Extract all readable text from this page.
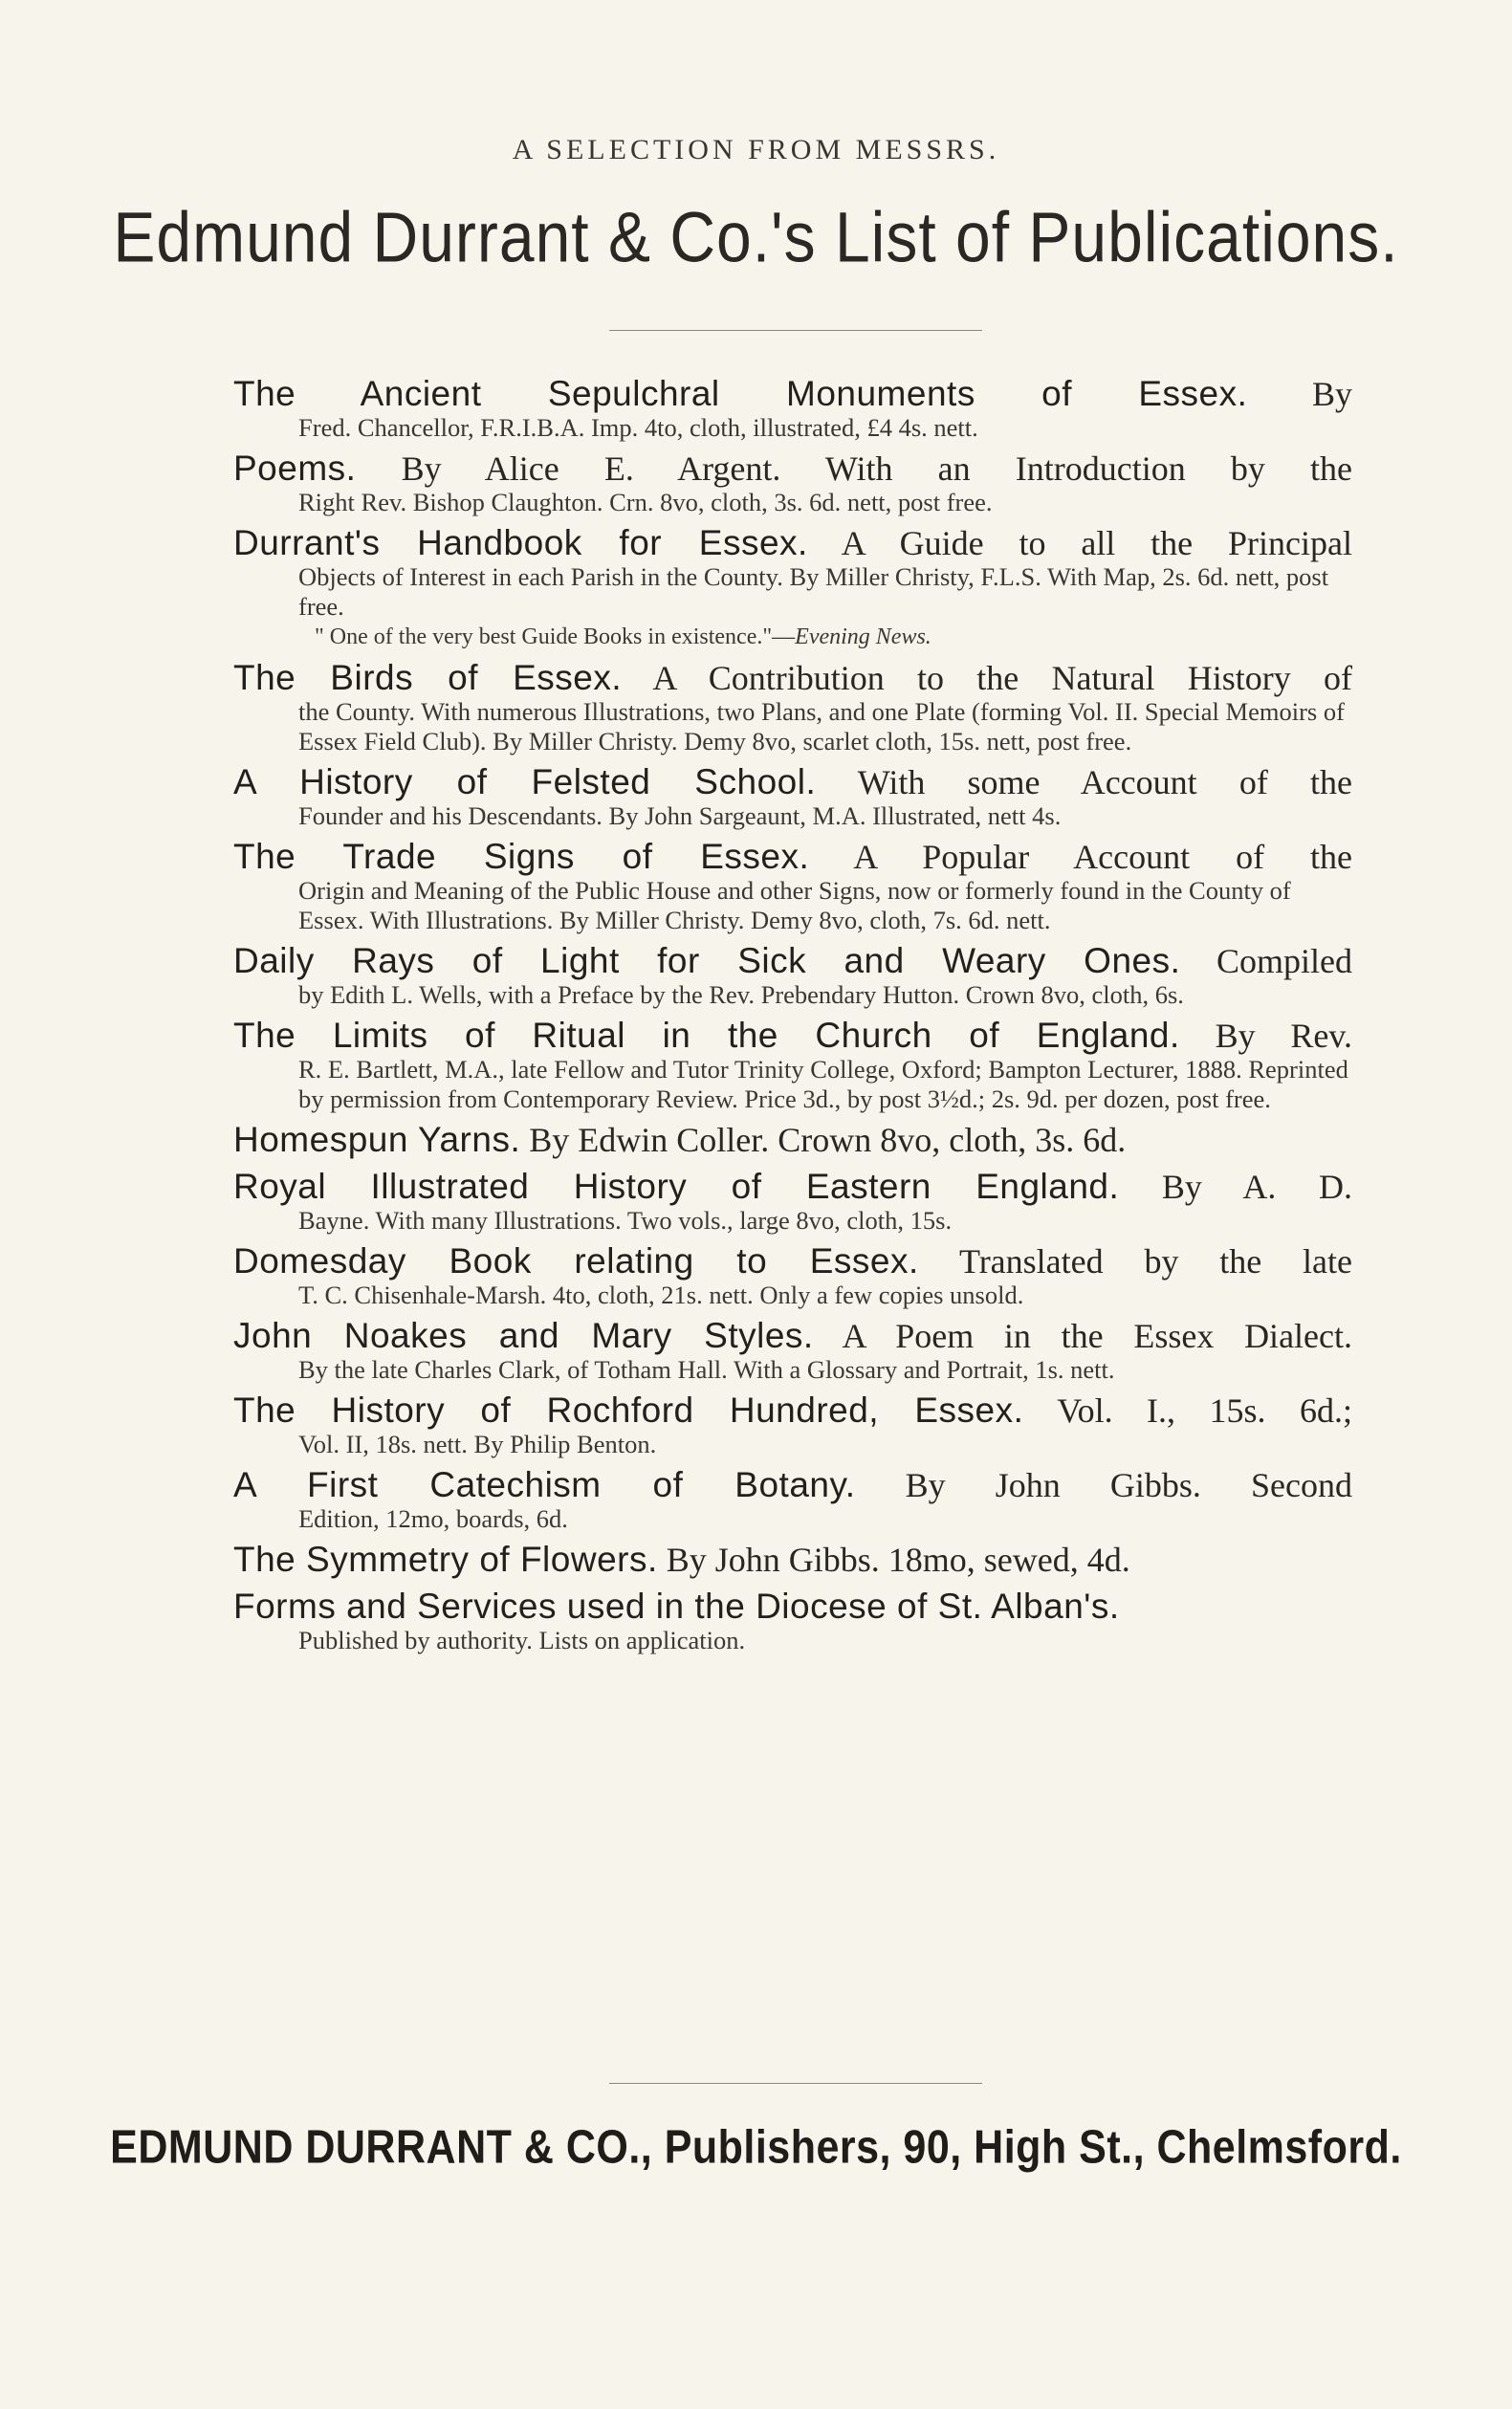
A SELECTION FROM MESSRS.
Edmund Durrant & Co.'s List of Publications.
The Ancient Sepulchral Monuments of Essex. By
Fred. Chancellor, F.R.I.B.A. Imp. 4to, cloth, illustrated, £4 4s. nett.
Poems. By Alice E. Argent. With an Introduction by the
Right Rev. Bishop Claughton. Crn. 8vo, cloth, 3s. 6d. nett, post free.
Durrant's Handbook for Essex. A Guide to all the Principal
Objects of Interest in each Parish in the County. By Miller Christy, F.L.S. With Map, 2s. 6d. nett, post free.
" One of the very best Guide Books in existence."—Evening News.
The Birds of Essex. A Contribution to the Natural History of
the County. With numerous Illustrations, two Plans, and one Plate (forming Vol. II. Special Memoirs of Essex Field Club). By Miller Christy. Demy 8vo, scarlet cloth, 15s. nett, post free.
A History of Felsted School. With some Account of the
Founder and his Descendants. By John Sargeaunt, M.A. Illustrated, nett 4s.
The Trade Signs of Essex. A Popular Account of the
Origin and Meaning of the Public House and other Signs, now or formerly found in the County of Essex. With Illustrations. By Miller Christy. Demy 8vo, cloth, 7s. 6d. nett.
Daily Rays of Light for Sick and Weary Ones. Compiled
by Edith L. Wells, with a Preface by the Rev. Prebendary Hutton. Crown 8vo, cloth, 6s.
The Limits of Ritual in the Church of England. By Rev.
R. E. Bartlett, M.A., late Fellow and Tutor Trinity College, Oxford; Bampton Lecturer, 1888. Reprinted by permission from Contemporary Review. Price 3d., by post 3½d.; 2s. 9d. per dozen, post free.
Homespun Yarns. By Edwin Coller. Crown 8vo, cloth, 3s. 6d.
Royal Illustrated History of Eastern England. By A. D.
Bayne. With many Illustrations. Two vols., large 8vo, cloth, 15s.
Domesday Book relating to Essex. Translated by the late
T. C. Chisenhale-Marsh. 4to, cloth, 21s. nett. Only a few copies unsold.
John Noakes and Mary Styles. A Poem in the Essex Dialect.
By the late Charles Clark, of Totham Hall. With a Glossary and Portrait, 1s. nett.
The History of Rochford Hundred, Essex. Vol. I., 15s. 6d.;
Vol. II, 18s. nett. By Philip Benton.
A First Catechism of Botany. By John Gibbs. Second
Edition, 12mo, boards, 6d.
The Symmetry of Flowers. By John Gibbs. 18mo, sewed, 4d.
Forms and Services used in the Diocese of St. Alban's.
Published by authority. Lists on application.
EDMUND DURRANT & CO., Publishers, 90, High St., Chelmsford.
